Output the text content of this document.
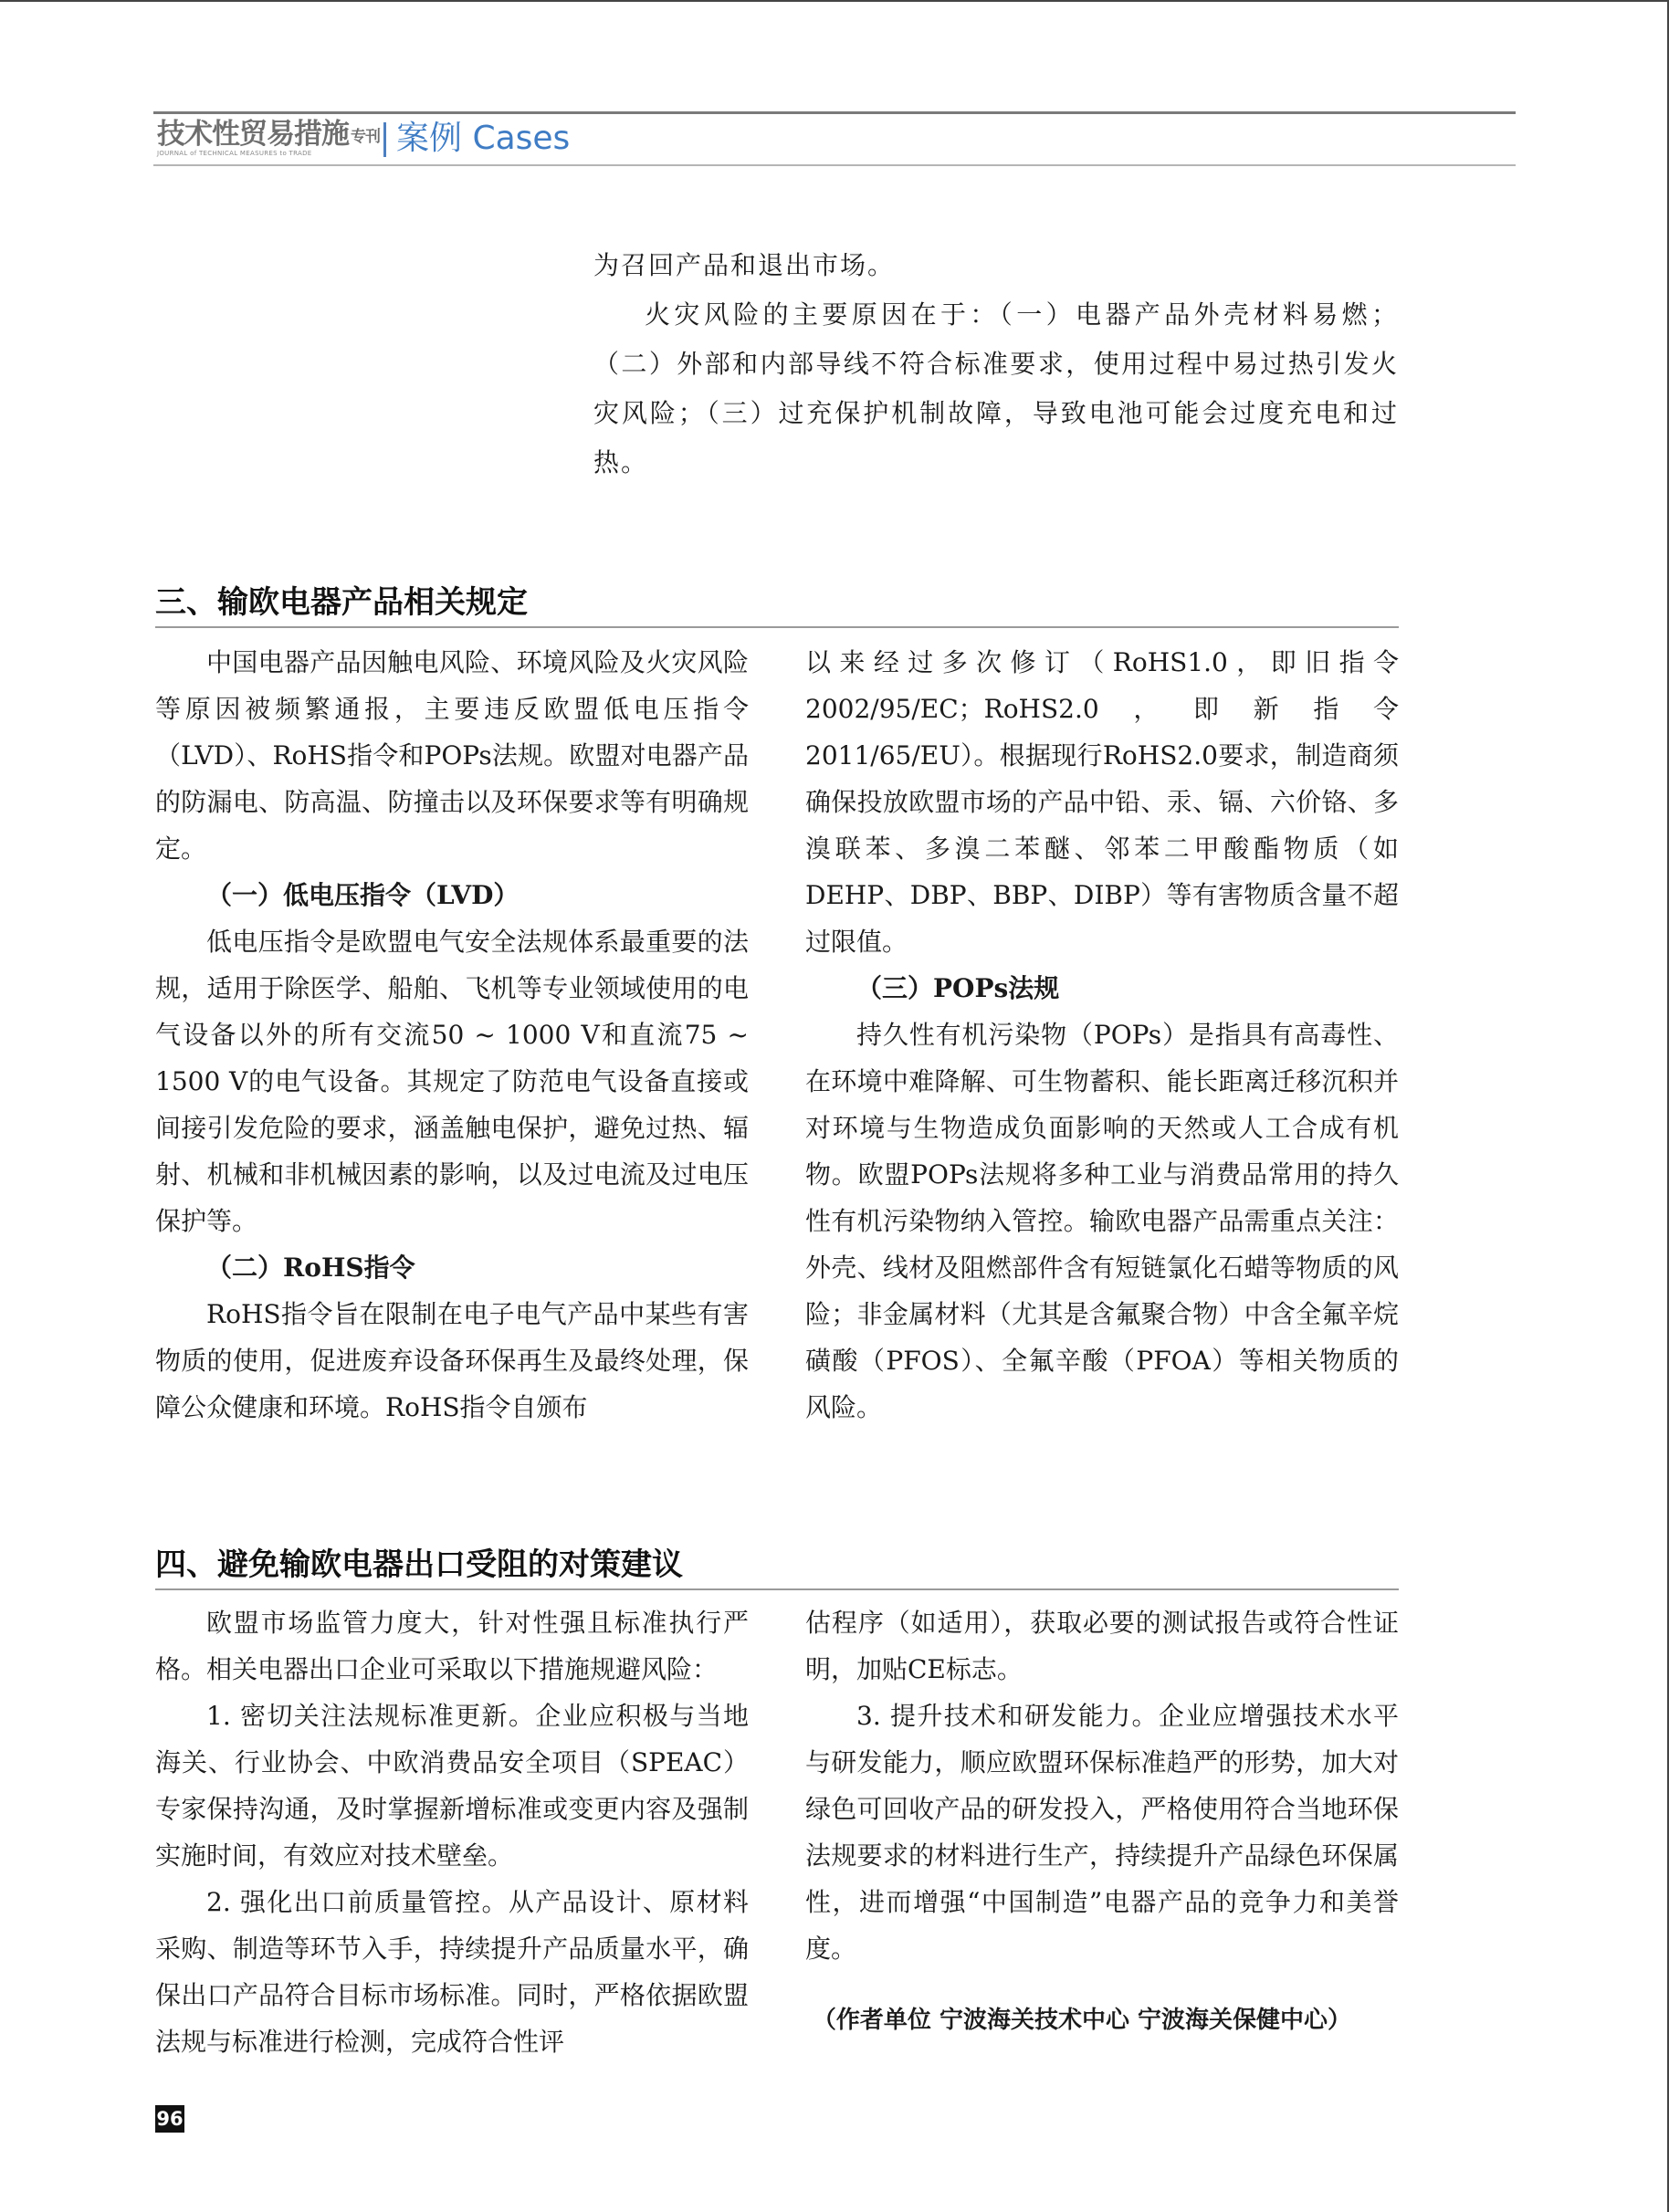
技术性贸易措施 专刊
JOURNAL of TECHNICAL MEASURES to TRADE	案例 Cases

为召回产品和退出市场。

火灾风险的主要原因在于：（一）电器产品外壳材料易燃；（二）外部和内部导线不符合标准要求，使用过程中易过热引发火灾风险；（三）过充保护机制故障，导致电池可能会过度充电和过热。

三、输欧电器产品相关规定

中国电器产品因触电风险、环境风险及火灾风险等原因被频繁通报，主要违反欧盟低电压指令（LVD）、RoHS指令和POPs法规。欧盟对电器产品的防漏电、防高温、防撞击以及环保要求等有明确规定。

（一）低电压指令（LVD）

低电压指令是欧盟电气安全法规体系最重要的法规，适用于除医学、船舶、飞机等专业领域使用的电气设备以外的所有交流50 ~ 1000 V和直流75 ~ 1500 V的电气设备。其规定了防范电气设备直接或间接引发危险的要求，涵盖触电保护，避免过热、辐射、机械和非机械因素的影响，以及过电流及过电压保护等。

（二）RoHS指令

RoHS指令旨在限制在电子电气产品中某些有害物质的使用，促进废弃设备环保再生及最终处理，保障公众健康和环境。RoHS指令自颁布

以来经过多次修订（RoHS1.0，即旧指令2002/95/EC；RoHS2.0，即新指令2011/65/EU）。根据现行RoHS2.0要求，制造商须确保投放欧盟市场的产品中铅、汞、镉、六价铬、多溴联苯、多溴二苯醚、邻苯二甲酸酯物质（如DEHP、DBP、BBP、DIBP）等有害物质含量不超过限值。

（三）POPs法规

持久性有机污染物（POPs）是指具有高毒性、在环境中难降解、可生物蓄积、能长距离迁移沉积并对环境与生物造成负面影响的天然或人工合成有机物。欧盟POPs法规将多种工业与消费品常用的持久性有机污染物纳入管控。输欧电器产品需重点关注：外壳、线材及阻燃部件含有短链氯化石蜡等物质的风险；非金属材料（尤其是含氟聚合物）中含全氟辛烷磺酸（PFOS）、全氟辛酸（PFOA）等相关物质的风险。

四、避免输欧电器出口受阻的对策建议

欧盟市场监管力度大，针对性强且标准执行严格。相关电器出口企业可采取以下措施规避风险：

1. 密切关注法规标准更新。企业应积极与当地海关、行业协会、中欧消费品安全项目（SPEAC）专家保持沟通，及时掌握新增标准或变更内容及强制实施时间，有效应对技术壁垒。

2. 强化出口前质量管控。从产品设计、原材料采购、制造等环节入手，持续提升产品质量水平，确保出口产品符合目标市场标准。同时，严格依据欧盟法规与标准进行检测，完成符合性评

估程序（如适用），获取必要的测试报告或符合性证明，加贴CE标志。

3. 提升技术和研发能力。企业应增强技术水平与研发能力，顺应欧盟环保标准趋严的形势，加大对绿色可回收产品的研发投入，严格使用符合当地环保法规要求的材料进行生产，持续提升产品绿色环保属性，进而增强“中国制造”电器产品的竞争力和美誉度。

（作者单位 宁波海关技术中心 宁波海关保健中心）

96
